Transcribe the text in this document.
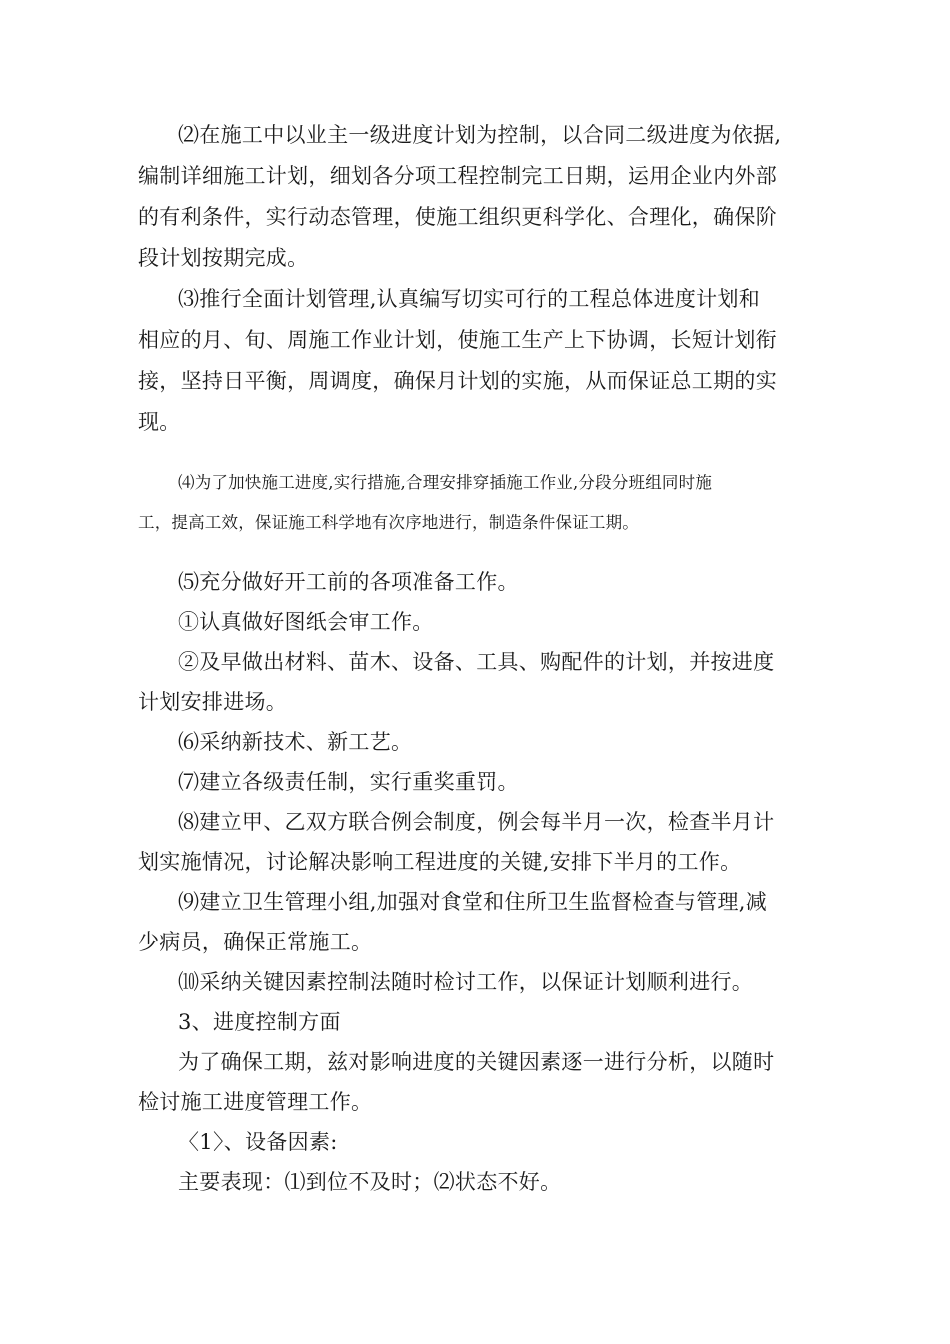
⑵在施工中以业主一级进度计划为控制，以合同二级进度为依据,
编制详细施工计划，细划各分项工程控制完工日期，运用企业内外部
的有利条件，实行动态管理，使施工组织更科学化、合理化，确保阶
段计划按期完成。
⑶推行全面计划管理,认真编写切实可行的工程总体进度计划和
相应的月、旬、周施工作业计划，使施工生产上下协调，长短计划衔
接，坚持日平衡，周调度，确保月计划的实施，从而保证总工期的实
现。
⑷为了加快施工进度,实行措施,合理安排穿插施工作业,分段分班组同时施
工，提高工效，保证施工科学地有次序地进行，制造条件保证工期。
⑸充分做好开工前的各项准备工作。
①认真做好图纸会审工作。
②及早做出材料、苗木、设备、工具、购配件的计划，并按进度
计划安排进场。
⑹采纳新技术、新工艺。
⑺建立各级责任制，实行重奖重罚。
⑻建立甲、乙双方联合例会制度，例会每半月一次，检查半月计
划实施情况，讨论解决影响工程进度的关键,安排下半月的工作。
⑼建立卫生管理小组,加强对食堂和住所卫生监督检查与管理,减
少病员，确保正常施工。
⑽采纳关键因素控制法随时检讨工作，以保证计划顺利进行。
3、进度控制方面
为了确保工期，兹对影响进度的关键因素逐一进行分析，以随时
检讨施工进度管理工作。
〈1〉、设备因素:
主要表现：⑴到位不及时；⑵状态不好。
